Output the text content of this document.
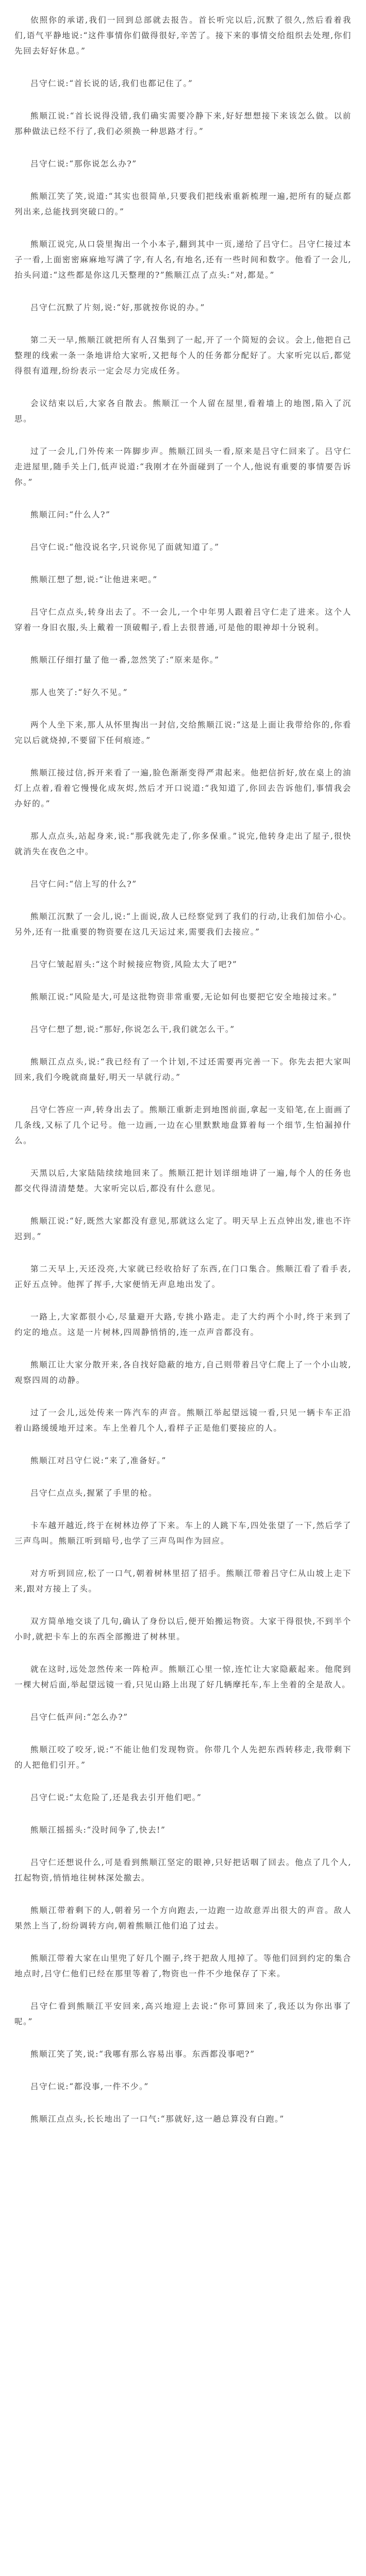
依照你的承诺,我们一回到总部就去报告。首长听完以后,沉默了很久,然后看着我们,语气平静地说:“这件事情你们做得很好,辛苦了。接下来的事情交给组织去处理,你们先回去好好休息。”

吕守仁说:“首长说的话,我们也都记住了。”

熊顺江说:“首长说得没错,我们确实需要冷静下来,好好想想接下来该怎么做。以前那种做法已经不行了,我们必须换一种思路才行。”

吕守仁说:“那你说怎么办?”

熊顺江笑了笑,说道:“其实也很简单,只要我们把线索重新梳理一遍,把所有的疑点都列出来,总能找到突破口的。”

熊顺江说完,从口袋里掏出一个小本子,翻到其中一页,递给了吕守仁。吕守仁接过本子一看,上面密密麻麻地写满了字,有人名,有地名,还有一些时间和数字。他看了一会儿,抬头问道:“这些都是你这几天整理的?”熊顺江点了点头:“对,都是。”

吕守仁沉默了片刻,说:“好,那就按你说的办。”

第二天一早,熊顺江就把所有人召集到了一起,开了一个简短的会议。会上,他把自己整理的线索一条一条地讲给大家听,又把每个人的任务都分配好了。大家听完以后,都觉得很有道理,纷纷表示一定会尽力完成任务。

会议结束以后,大家各自散去。熊顺江一个人留在屋里,看着墙上的地图,陷入了沉思。

过了一会儿,门外传来一阵脚步声。熊顺江回头一看,原来是吕守仁回来了。吕守仁走进屋里,随手关上门,低声说道:“我刚才在外面碰到了一个人,他说有重要的事情要告诉你。”

熊顺江问:“什么人?”

吕守仁说:“他没说名字,只说你见了面就知道了。”

熊顺江想了想,说:“让他进来吧。”

吕守仁点点头,转身出去了。不一会儿,一个中年男人跟着吕守仁走了进来。这个人穿着一身旧衣服,头上戴着一顶破帽子,看上去很普通,可是他的眼神却十分锐利。

熊顺江仔细打量了他一番,忽然笑了:“原来是你。”

那人也笑了:“好久不见。”

两个人坐下来,那人从怀里掏出一封信,交给熊顺江说:“这是上面让我带给你的,你看完以后就烧掉,不要留下任何痕迹。”

熊顺江接过信,拆开来看了一遍,脸色渐渐变得严肃起来。他把信折好,放在桌上的油灯上点着,看着它慢慢化成灰烬,然后才开口说道:“我知道了,你回去告诉他们,事情我会办好的。”

那人点点头,站起身来,说:“那我就先走了,你多保重。”说完,他转身走出了屋子,很快就消失在夜色之中。

吕守仁问:“信上写的什么?”

熊顺江沉默了一会儿,说:“上面说,敌人已经察觉到了我们的行动,让我们加倍小心。另外,还有一批重要的物资要在这几天运过来,需要我们去接应。”

吕守仁皱起眉头:“这个时候接应物资,风险太大了吧?”

熊顺江说:“风险是大,可是这批物资非常重要,无论如何也要把它安全地接过来。”

吕守仁想了想,说:“那好,你说怎么干,我们就怎么干。”

熊顺江点点头,说:“我已经有了一个计划,不过还需要再完善一下。你先去把大家叫回来,我们今晚就商量好,明天一早就行动。”

吕守仁答应一声,转身出去了。熊顺江重新走到地图前面,拿起一支铅笔,在上面画了几条线,又标了几个记号。他一边画,一边在心里默默地盘算着每一个细节,生怕漏掉什么。

天黑以后,大家陆陆续续地回来了。熊顺江把计划详细地讲了一遍,每个人的任务也都交代得清清楚楚。大家听完以后,都没有什么意见。

熊顺江说:“好,既然大家都没有意见,那就这么定了。明天早上五点钟出发,谁也不许迟到。”

第二天早上,天还没亮,大家就已经收拾好了东西,在门口集合。熊顺江看了看手表,正好五点钟。他挥了挥手,大家便悄无声息地出发了。

一路上,大家都很小心,尽量避开大路,专挑小路走。走了大约两个小时,终于来到了约定的地点。这是一片树林,四周静悄悄的,连一点声音都没有。

熊顺江让大家分散开来,各自找好隐蔽的地方,自己则带着吕守仁爬上了一个小山坡,观察四周的动静。

过了一会儿,远处传来一阵汽车的声音。熊顺江举起望远镜一看,只见一辆卡车正沿着山路缓缓地开过来。车上坐着几个人,看样子正是他们要接应的人。

熊顺江对吕守仁说:“来了,准备好。”

吕守仁点点头,握紧了手里的枪。

卡车越开越近,终于在树林边停了下来。车上的人跳下车,四处张望了一下,然后学了三声鸟叫。熊顺江听到暗号,也学了三声鸟叫作为回应。

对方听到回应,松了一口气,朝着树林里招了招手。熊顺江带着吕守仁从山坡上走下来,跟对方接上了头。

双方简单地交谈了几句,确认了身份以后,便开始搬运物资。大家干得很快,不到半个小时,就把卡车上的东西全部搬进了树林里。

就在这时,远处忽然传来一阵枪声。熊顺江心里一惊,连忙让大家隐蔽起来。他爬到一棵大树后面,举起望远镜一看,只见山路上出现了好几辆摩托车,车上坐着的全是敌人。

吕守仁低声问:“怎么办?”

熊顺江咬了咬牙,说:“不能让他们发现物资。你带几个人先把东西转移走,我带剩下的人把他们引开。”

吕守仁说:“太危险了,还是我去引开他们吧。”

熊顺江摇摇头:“没时间争了,快去!”

吕守仁还想说什么,可是看到熊顺江坚定的眼神,只好把话咽了回去。他点了几个人,扛起物资,悄悄地往树林深处撤去。

熊顺江带着剩下的人,朝着另一个方向跑去,一边跑一边故意弄出很大的声音。敌人果然上当了,纷纷调转方向,朝着熊顺江他们追了过去。

熊顺江带着大家在山里兜了好几个圈子,终于把敌人甩掉了。等他们回到约定的集合地点时,吕守仁他们已经在那里等着了,物资也一件不少地保存了下来。

吕守仁看到熊顺江平安回来,高兴地迎上去说:“你可算回来了,我还以为你出事了呢。”

熊顺江笑了笑,说:“我哪有那么容易出事。东西都没事吧?”

吕守仁说:“都没事,一件不少。”

熊顺江点点头,长长地出了一口气:“那就好,这一趟总算没有白跑。”
